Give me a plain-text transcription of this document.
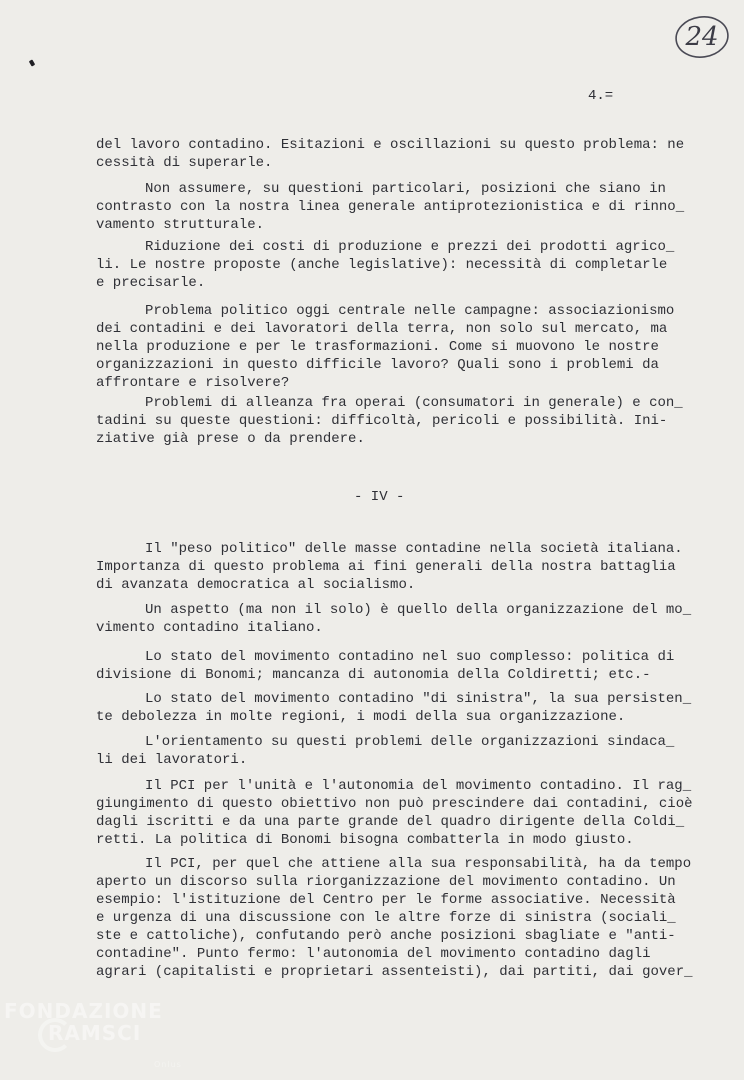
24
4.=
del lavoro contadino. Esitazioni e oscillazioni su questo problema: ne
cessità di superarle.
Non assumere, su questioni particolari, posizioni che siano in
contrasto con la nostra linea generale antiprotezionistica e di rinno_
vamento strutturale.
Riduzione dei costi di produzione e prezzi dei prodotti agrico_
li. Le nostre proposte (anche legislative): necessità di completarle
e precisarle.
Problema politico oggi centrale nelle campagne: associazionismo
dei contadini e dei lavoratori della terra, non solo sul mercato, ma
nella produzione e per le trasformazioni. Come si muovono le nostre
organizzazioni in questo difficile lavoro? Quali sono i problemi da
affrontare e risolvere?
Problemi di alleanza fra operai (consumatori in generale) e con_
tadini su queste questioni: difficoltà, pericoli e possibilità. Ini-
ziative già prese o da prendere.
- IV -
Il "peso politico" delle masse contadine nella società italiana.
Importanza di questo problema ai fini generali della nostra battaglia
di avanzata democratica al socialismo.
Un aspetto (ma non il solo) è quello della organizzazione del mo_
vimento contadino italiano.
Lo stato del movimento contadino nel suo complesso: politica di
divisione di Bonomi; mancanza di autonomia della Coldiretti; etc.-
Lo stato del movimento contadino "di sinistra", la sua persisten_
te debolezza in molte regioni, i modi della sua organizzazione.
L'orientamento su questi problemi delle organizzazioni sindaca_
li dei lavoratori.
Il PCI per l'unità e l'autonomia del movimento contadino. Il rag_
giungimento di questo obiettivo non può prescindere dai contadini, cioè
dagli iscritti e da una parte grande del quadro dirigente della Coldi_
retti. La politica di Bonomi bisogna combatterla in modo giusto.
Il PCI, per quel che attiene alla sua responsabilità, ha da tempo
aperto un discorso sulla riorganizzazione del movimento contadino. Un
esempio: l'istituzione del Centro per le forme associative. Necessità
e urgenza di una discussione con le altre forze di sinistra (sociali_
ste e cattoliche), confutando però anche posizioni sbagliate e "anti-
contadine". Punto fermo: l'autonomia del movimento contadino dagli
agrari (capitalisti e proprietari assenteisti), dai partiti, dai gover_
FONDAZIONE
RAMSCI
Onlus
